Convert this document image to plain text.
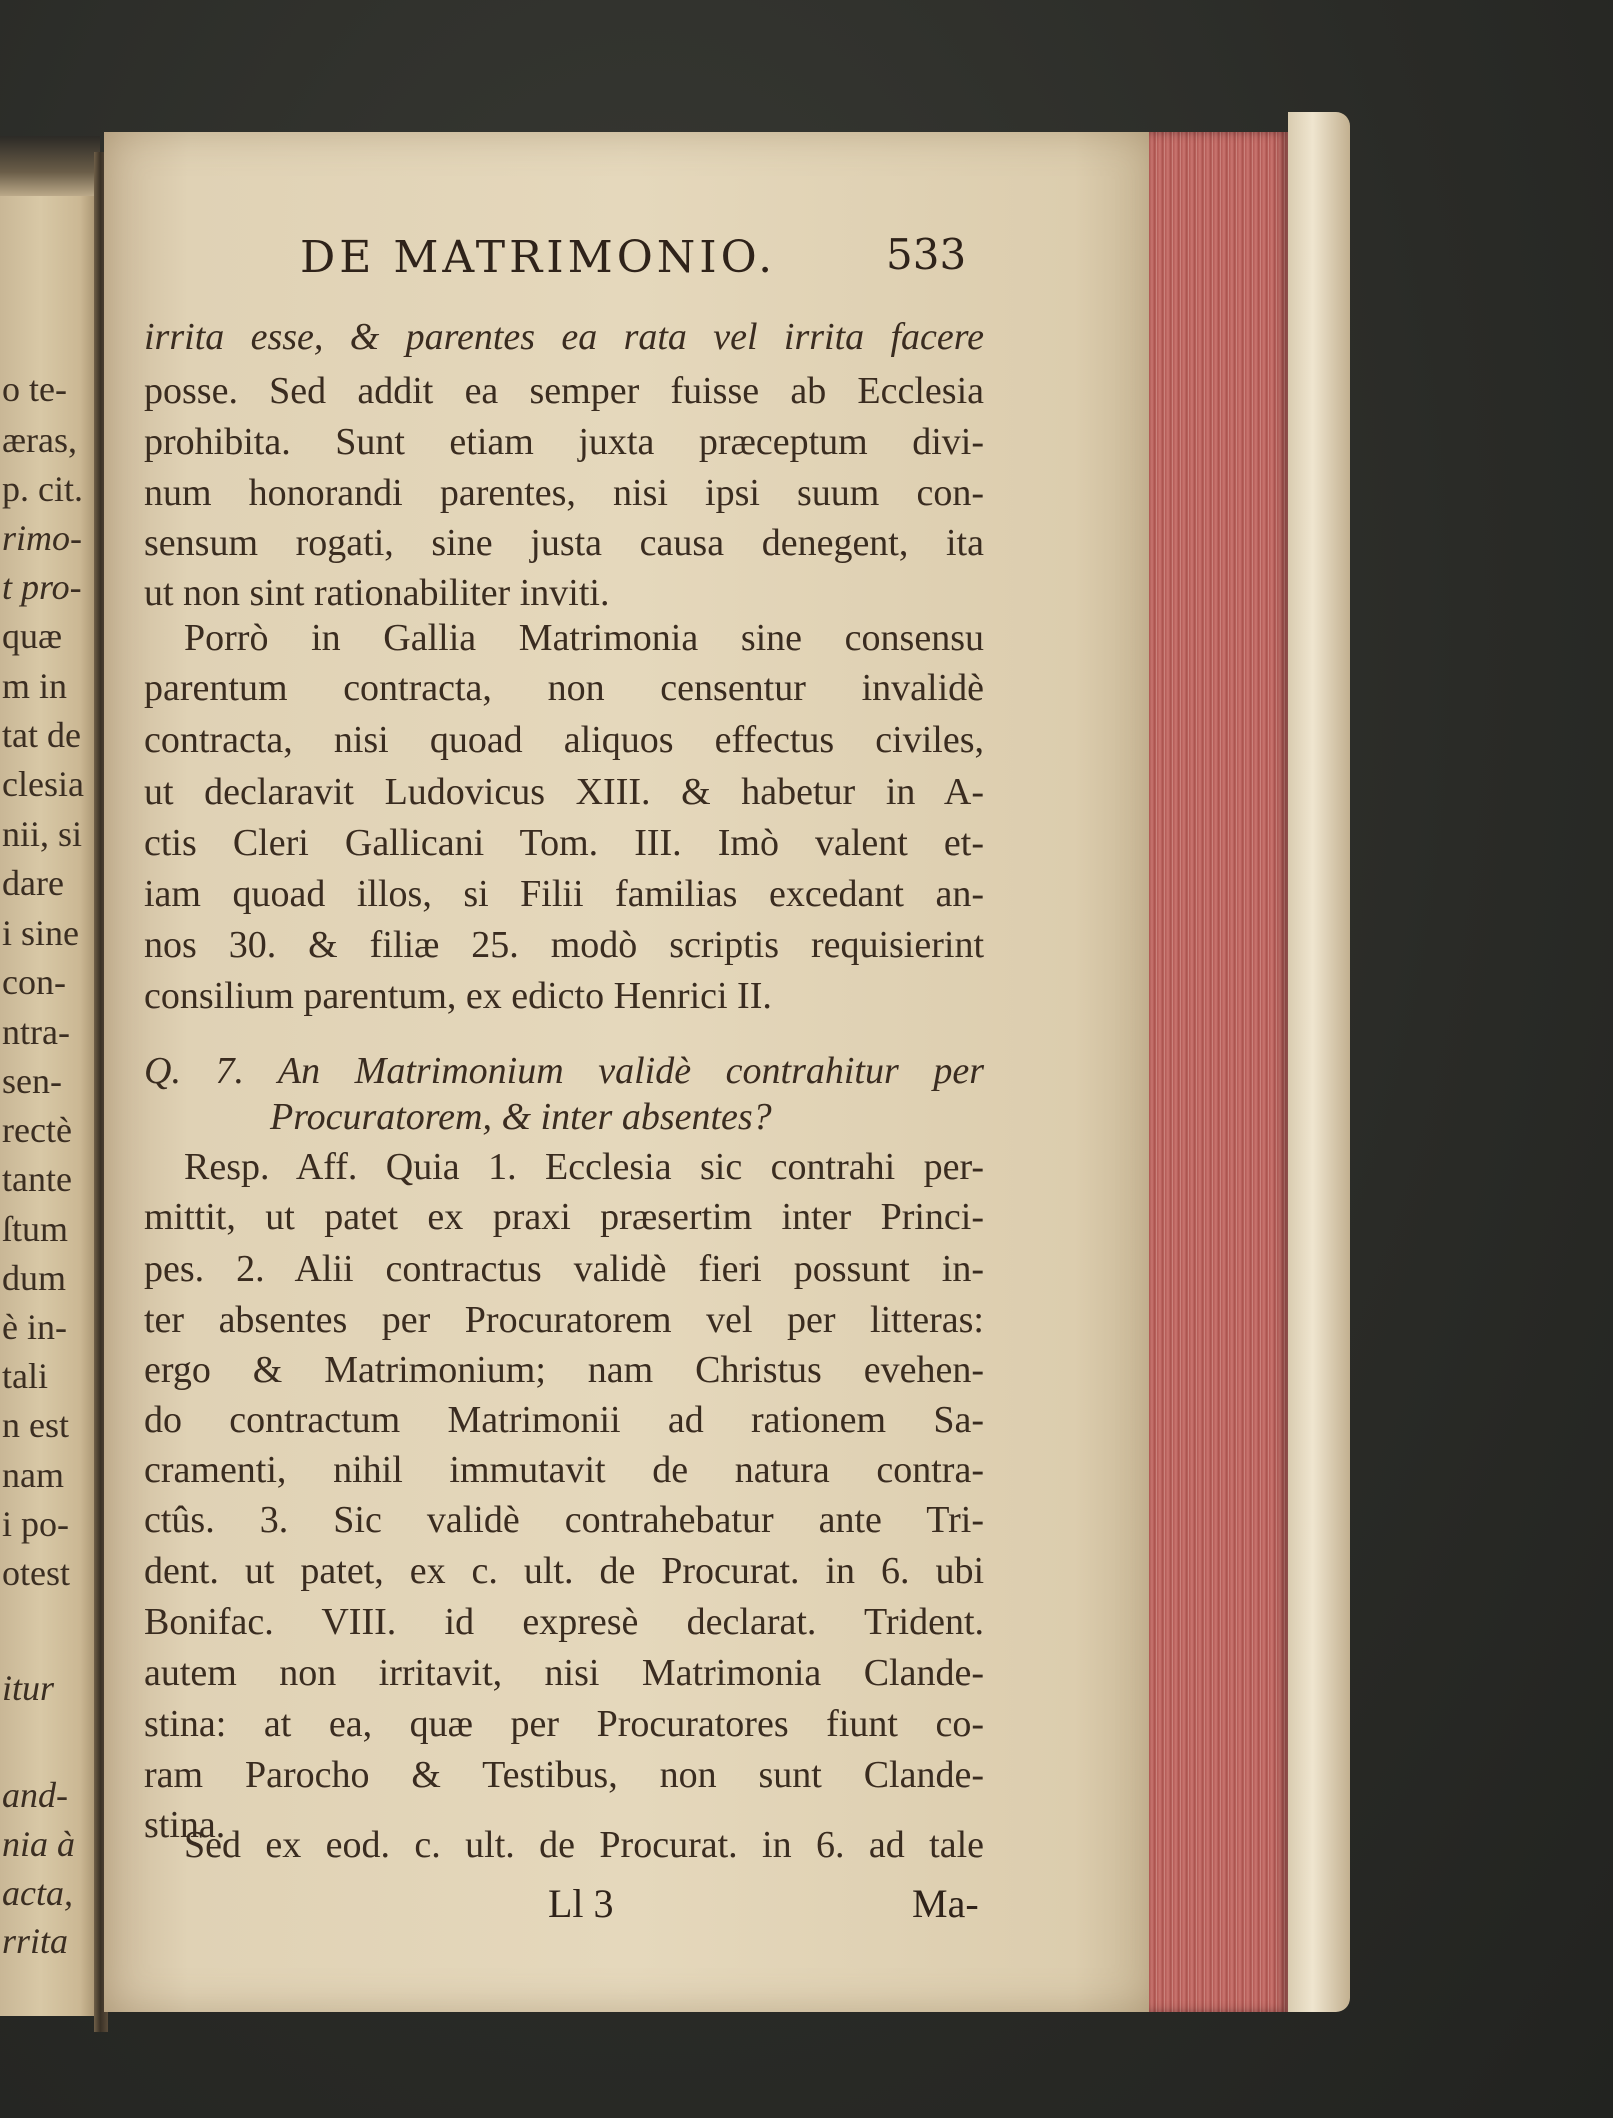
o te-
æras,
p. cit.
rimo-
t pro-
quæ
m in
tat de
clesia
nii, si
dare
i sine
con-
ntra-
sen-
rectè
tante
ſtum
dum
è in-
tali
n est
nam
i po-
otest
itur
and-
nia à
acta,
rrita
DE MATRIMONIO.	533
irrita esse, & parentes ea rata vel irrita facere
posse. Sed addit ea semper fuisse ab Ecclesia
prohibita. Sunt etiam juxta præceptum divi-
num honorandi parentes, nisi ipsi suum con-
sensum rogati, sine justa causa denegent, ita
ut non sint rationabiliter inviti.
Porrò in Gallia Matrimonia sine consensu
parentum contracta, non censentur invalidè
contracta, nisi quoad aliquos effectus civiles,
ut declaravit Ludovicus XIII. & habetur in A-
ctis Cleri Gallicani Tom. III. Imò valent et-
iam quoad illos, si Filii familias excedant an-
nos 30. & filiæ 25. modò scriptis requisierint
consilium parentum, ex edicto Henrici II.
Q. 7. An Matrimonium validè contrahitur per
Procuratorem, & inter absentes?
Resp. Aff. Quia 1. Ecclesia sic contrahi per-
mittit, ut patet ex praxi præsertim inter Princi-
pes. 2. Alii contractus validè fieri possunt in-
ter absentes per Procuratorem vel per litteras:
ergo & Matrimonium; nam Christus evehen-
do contractum Matrimonii ad rationem Sa-
cramenti, nihil immutavit de natura contra-
ctûs. 3. Sic validè contrahebatur ante Tri-
dent. ut patet, ex c. ult. de Procurat. in 6. ubi
Bonifac. VIII. id expresè declarat. Trident.
autem non irritavit, nisi Matrimonia Clande-
stina: at ea, quæ per Procuratores fiunt co-
ram Parocho & Testibus, non sunt Clande-
stina.
Sed ex eod. c. ult. de Procurat. in 6. ad tale
Ll 3	Ma-
